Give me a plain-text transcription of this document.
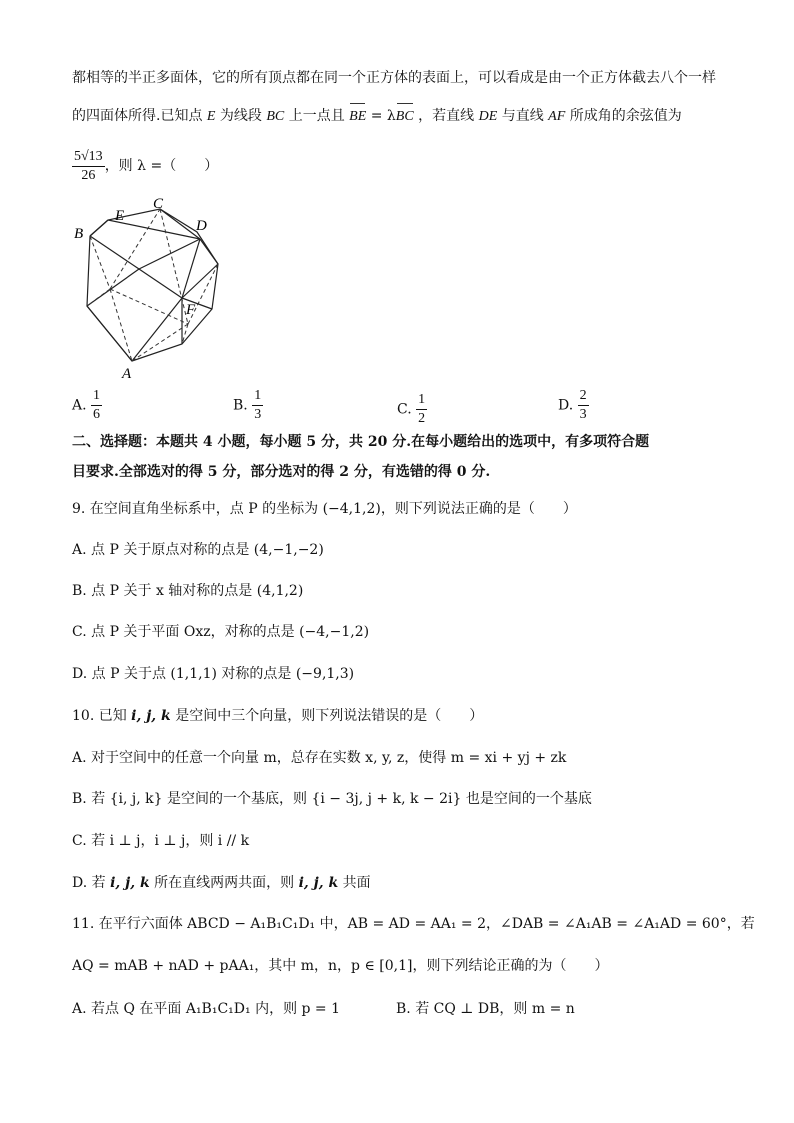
都相等的半正多面体，它的所有顶点都在同一个正方体的表面上，可以看成是由一个正方体截去八个一样
的四面体所得.已知点 E 为线段 BC 上一点且 BE = λBC ，若直线 DE 与直线 AF 所成角的余弦值为
$\frac{5√13}{26}$ ，则 λ =（　　）
B
E
C
D
F
A
A. $\frac{1}{6}$	B. $\frac{1}{3}$	C. $\frac{1}{2}$	D. $\frac{2}{3}$
二、选择题：本题共 4 小题，每小题 5 分，共 20 分.在每小题给出的选项中，有多项符合题
目要求.全部选对的得 5 分，部分选对的得 2 分，有选错的得 0 分.
9. 在空间直角坐标系中，点 P 的坐标为 (−4,1,2)，则下列说法正确的是（　　）
A. 点 P 关于原点对称的点是 (4,−1,−2)
B. 点 P 关于 x 轴对称的点是 (4,1,2)
C. 点 P 关于平面 Oxz，对称的点是 (−4,−1,2)
D. 点 P 关于点 (1,1,1) 对称的点是 (−9,1,3)
10. 已知 i, j, k 是空间中三个向量，则下列说法错误的是（　　）
A. 对于空间中的任意一个向量 m，总存在实数 x, y, z，使得 m = xi + yj + zk
B. 若 {i, j, k} 是空间的一个基底，则 {i − 3j, j + k, k − 2i} 也是空间的一个基底
C. 若 i ⊥ j，i ⊥ j，则 i // k
D. 若 i, j, k 所在直线两两共面，则 i, j, k 共面
11. 在平行六面体 ABCD − A₁B₁C₁D₁ 中，AB = AD = AA₁ = 2，∠DAB = ∠A₁AB = ∠A₁AD = 60°，若
AQ = mAB + nAD + pAA₁，其中 m，n，p ∈ [0,1]，则下列结论正确的为（　　）
A. 若点 Q 在平面 A₁B₁C₁D₁ 内，则 p = 1	B. 若 CQ ⊥ DB，则 m = n
